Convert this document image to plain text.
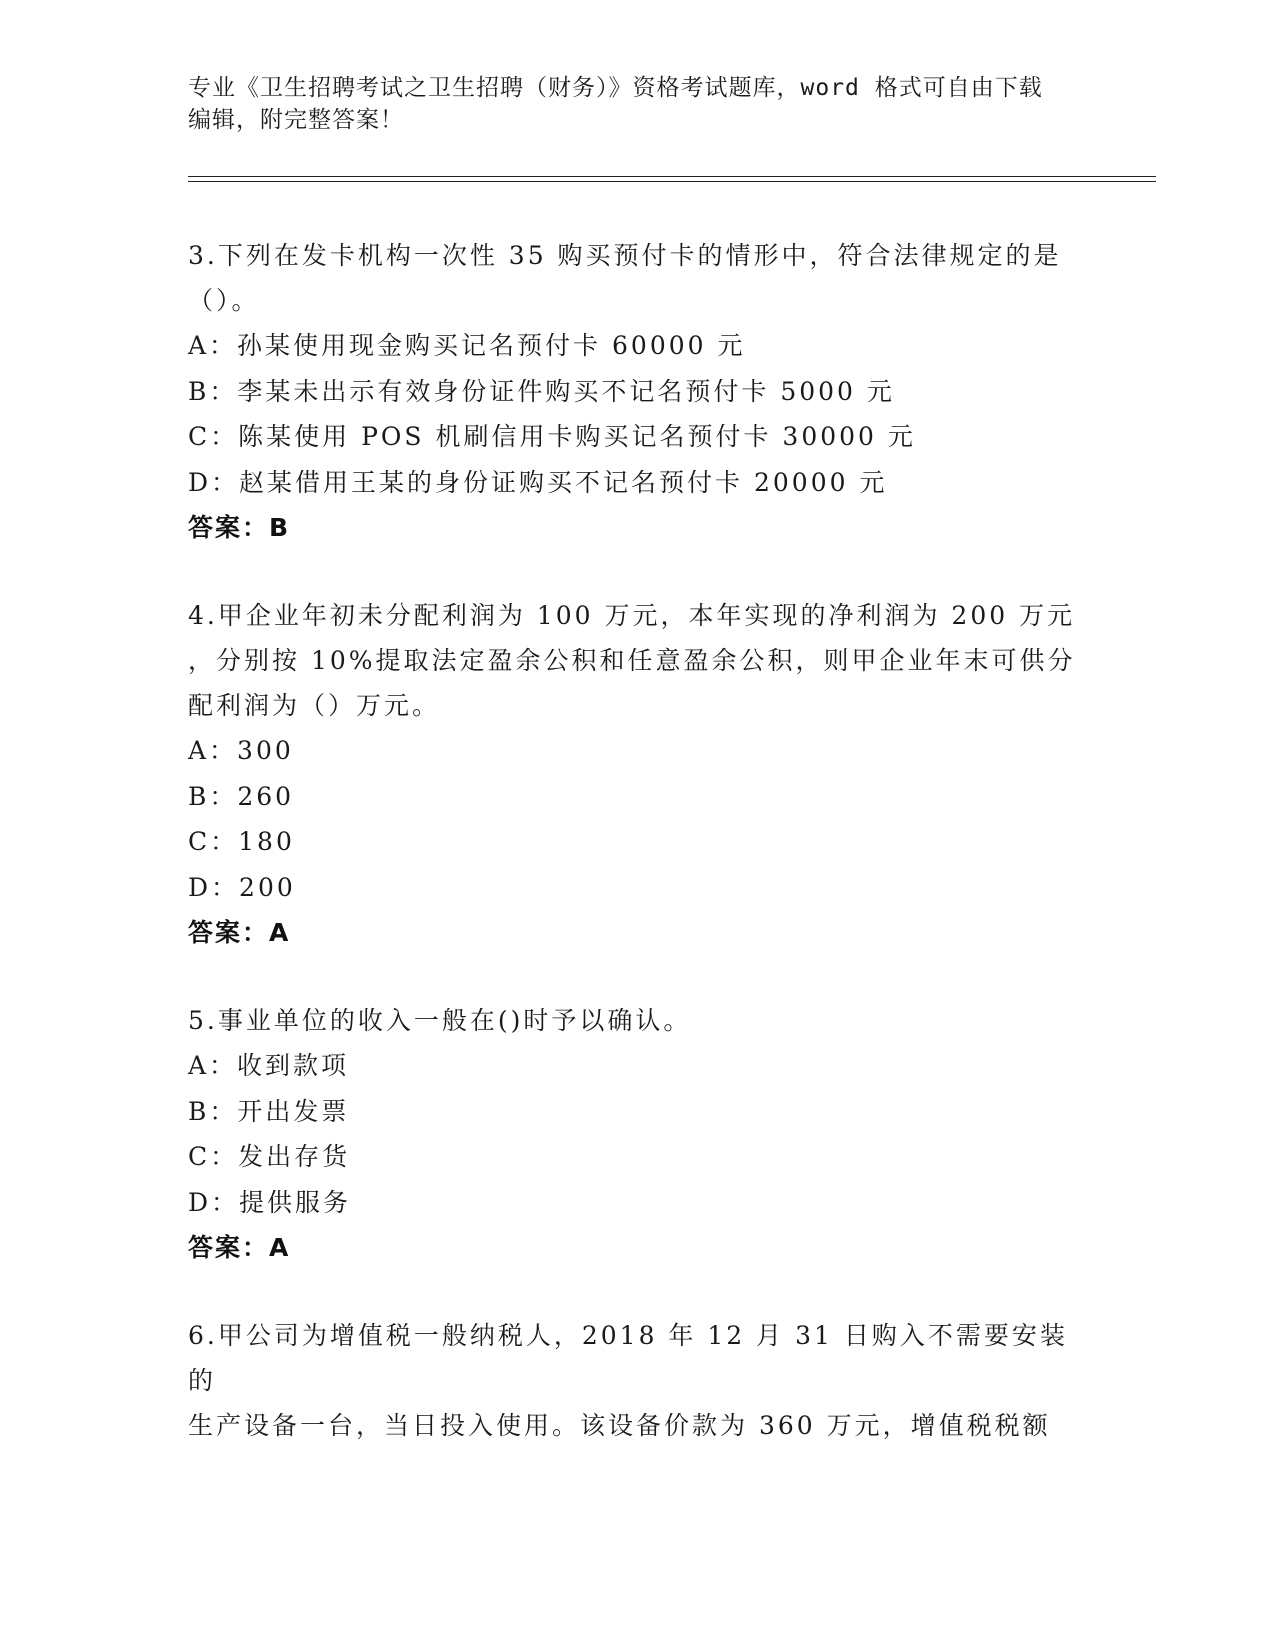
专业《卫生招聘考试之卫生招聘（财务）》资格考试题库，word 格式可自由下载
编辑，附完整答案！
3.下列在发卡机构一次性 35 购买预付卡的情形中，符合法律规定的是
（）。
A：孙某使用现金购买记名预付卡 60000 元
B：李某未出示有效身份证件购买不记名预付卡 5000 元
C：陈某使用 POS 机刷信用卡购买记名预付卡 30000 元
D：赵某借用王某的身份证购买不记名预付卡 20000 元
答案：B
4.甲企业年初未分配利润为 100 万元，本年实现的净利润为 200 万元
，分别按 10%提取法定盈余公积和任意盈余公积，则甲企业年末可供分
配利润为（）万元。
A：300
B：260
C：180
D：200
答案：A
5.事业单位的收入一般在()时予以确认。
A：收到款项
B：开出发票
C：发出存货
D：提供服务
答案：A
6.甲公司为增值税一般纳税人，2018 年 12 月 31 日购入不需要安装的
生产设备一台，当日投入使用。该设备价款为 360 万元，增值税税额
